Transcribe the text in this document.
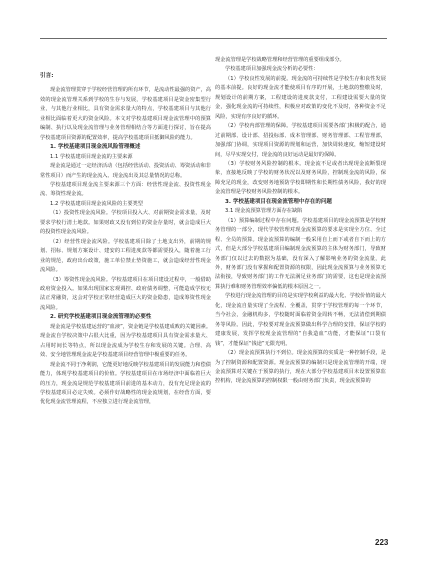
引言:

现金流管理贯穿于学校经营管理的所有环节，是流动性最强的资产，高效的现金流管理关系到学校的生存与发展，学校基建项目是资金密集型行业，与其他行业相比，具有资金需求量大的特点，学校基建项目与其他行业相比面临着更大的资金风险。本文对学校基建项目现金流管理中的预算编制、执行以及现金流管理与业务管理相结合等方面进行探讨，旨在提高学校基建项目资源的配置效率，提高学校基建项目抵御风险的能力。

1. 学校基建项目现金流风险管理概述

1.1 学校基建项目现金流的主要来源

现金流是通过一定经济活动（包括经营活动、投资活动、筹资活动和非常性项目）而产生的现金流入、现金流出及其总量情况的总称。

学校基建项目现金流主要来源三个方面：经营性现金流、投资性现金流、筹资性现金流。

1.2 学校基建项目现金流风险的主要类型

（1）投资性现金流风险。学校项目投入大、对前期资金需求量，及时要求学校行清土地款。如果财政又没有到位的资金存量时，就会造成巨大的投资性现金流风险。

（2）经营性现金流风险。学校基建项目除了土地支出外，前期的规划、招标、规划方案设计、建安的工程进度款等都需要投入，随着施工行业的规范，政府出台政策，施工单位禁止垫资施工，就会造成经营性现金流风险。

（3）筹资性现金流风险。学校基建项目在项目建设过程中，一般借助政府资金投入。如果出现国家宏观调控、政府债务调整，可能造成学校无法正常融资，这会对学校正常经营造成巨大的资金隐患，造成筹资性现金流风险。

2. 研究学校基建项目现金流管理的必要性

现金流是学校基建运营的“血液”，资金链是学校基建成败的关键因素。现金流自学校决策中占很大比重，因为学校基建项目具有资金需求量大、占用时间长等特点，所以现金流成为学校生存和发展的关键。合理、高效、安全地管理现金流是学校基建项目经营管理中极重要的任务。

现金流不同于净利润，它能更好地反映学校基建项目的发展能力和偿债能力，体现学校基建项目的价值。学校基建项目在市场经济中面临着巨大的压力，现金流是规范学校基建项目前进的基本动力，没有充足现金流的学校基建项目必定失败。必须作好战略性的现金流规划，在经营方面，要优化现金流管理流程，不应独立进行现金流管理，

现金流管理是学校战略管理和经营管理的重要组成部分。

学校基建项目加强现金流分析的必要性：

（1）学校良性发展的前提。现金流的可持续性是学校生存和良性发展的基本前提。良好的现金流才能使项目有序的开展，土地款的整缴及时，规划设计的前期方案，工程建设的进度款支付，工程建设需要大量的资金，强化现金流的可持续性，积极应对政策的变化不及时，各种资金不足风险，实现有序良好的循环。

（2）学校内部管理的保障。学校基建项目需要各部门积极的配合，通过前期部、设计部、招投标部、成本管理部、财务管理部、工程管理部，加强部门协调，实现项目资源的规划和运营，加快周转速度，缩短建设时间，尽早实现交付，现金流的良好运动是最好的保障。

（3）学校财务风险控制的根本。现金流不足或者出现现金流断裂现象，直接地反映了学校的财务状况以及财务风险，控制现金流的风险，保障充足的现金，改变财务地预防学校即期性和长期性债务风险，我好的现金流管理是学校财务风险控制的根本。

3. 学校基建项目在现金流管理中存在的问题

3.1 现金流预算管理方面存在缺陷

（1）预算编制过程中存在问题。学校基建项目的现金流预算是学校财务管理的一部分，现代学校管理对现金流预算的要求是实现全方位、全过程、全员的预算。现金流预算的编制一般采用自上而下或者自下而上的方式，但是大部分学校基建项目编制现金流预算的主体为财务部门，导致财务部门仅以过去的数据为基础，没有深入了解影响业务的资金流量，此外，财务部门没有掌握和配置资源的权限，因此现金流预算与业务预算无法衔接，导致财务部门的工作无法满足业务部门的需要，这也是现金流预算执行难和财务管理效率偏低的根本原因之一。

学校进行现金流管理的目的是实现学校利益的最大化、学校价值的最大化，现金流自量实现了全流程、全覆盖，贯穿于学校管理的每一个环节，当今社会，金融机构多，学校随时面临着资金周转不畅，无法清偿到期债务等风险。因此，学校要对现金流预算做出科学合理的安排，保证学校的建康发展，发挥学校现金流管理的“自我造血”功能，才能保证“口袋有钱”，才能保证“钱途”无限光明。

（2）现金流预算执行不到位。现金流预算的实质是一种控制手段，是为了控制资源和配置资源。现金流预算的编制只是现金流管理的开端，现金流预算对关键在于预算的执行，现在大部分学校基建项目未设置预算监控机构，现金流预算的控制权限一般由财务部门负责，现金流预算的

223
